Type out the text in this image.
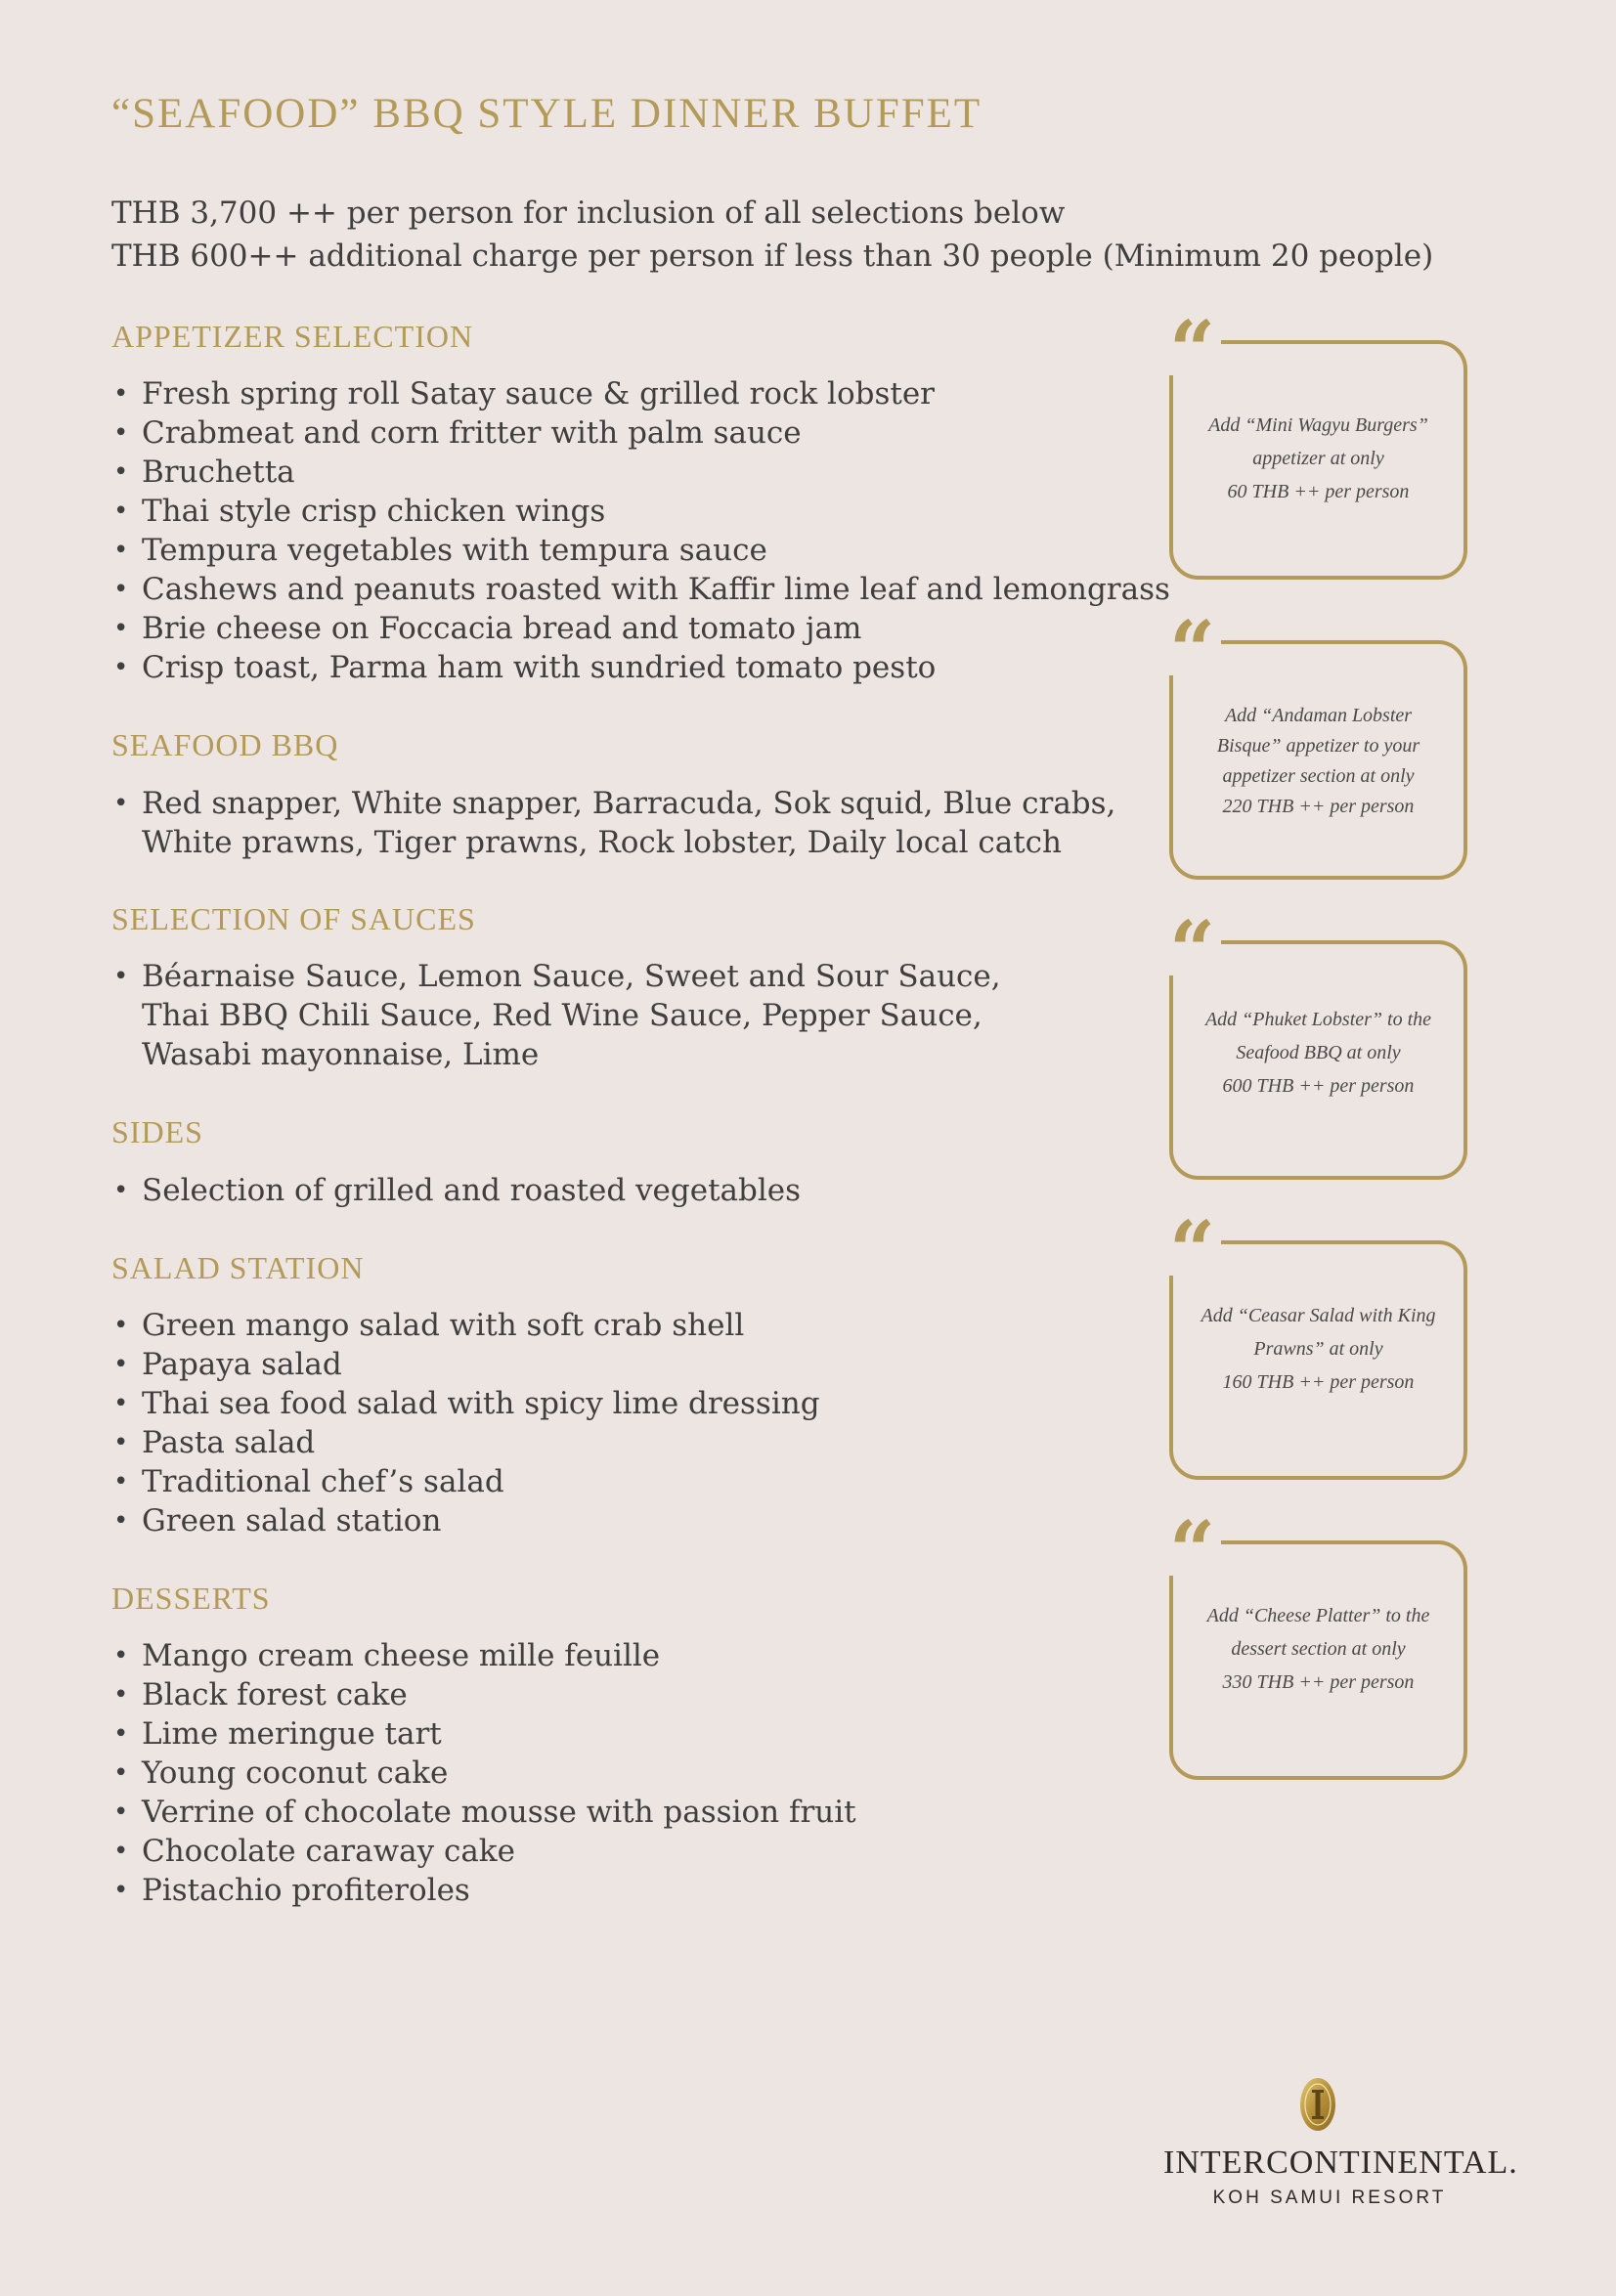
“SEAFOOD” BBQ STYLE DINNER BUFFET
THB 3,700 ++ per person for inclusion of all selections below
THB 600++ additional charge per person if less than 30 people (Minimum 20 people)
APPETIZER SELECTION
• Fresh spring roll Satay sauce & grilled rock lobster
• Crabmeat and corn fritter with palm sauce
• Bruchetta
• Thai style crisp chicken wings
• Tempura vegetables with tempura sauce
• Cashews and peanuts roasted with Kaffir lime leaf and lemongrass
• Brie cheese on Foccacia bread and tomato jam
• Crisp toast, Parma ham with sundried tomato pesto
SEAFOOD BBQ
• Red snapper, White snapper, Barracuda, Sok squid, Blue crabs,
White prawns, Tiger prawns, Rock lobster, Daily local catch
SELECTION OF SAUCES
• Béarnaise Sauce, Lemon Sauce, Sweet and Sour Sauce,
Thai BBQ Chili Sauce, Red Wine Sauce, Pepper Sauce,
Wasabi mayonnaise, Lime
SIDES
• Selection of grilled and roasted vegetables
SALAD STATION
• Green mango salad with soft crab shell
• Papaya salad
• Thai sea food salad with spicy lime dressing
• Pasta salad
• Traditional chef’s salad
• Green salad station
DESSERTS
• Mango cream cheese mille feuille
• Black forest cake
• Lime meringue tart
• Young coconut cake
• Verrine of chocolate mousse with passion fruit
• Chocolate caraway cake
• Pistachio profiteroles
“
Add “Mini Wagyu Burgers”
appetizer at only
60 THB ++ per person
“
Add “Andaman Lobster
Bisque” appetizer to your
appetizer section at only
220 THB ++ per person
“
Add “Phuket Lobster” to the
Seafood BBQ at only
600 THB ++ per person
“
Add “Ceasar Salad with King
Prawns” at only
160 THB ++ per person
“
Add “Cheese Platter” to the
dessert section at only
330 THB ++ per person
INTERCONTINENTAL.
KOH SAMUI RESORT
